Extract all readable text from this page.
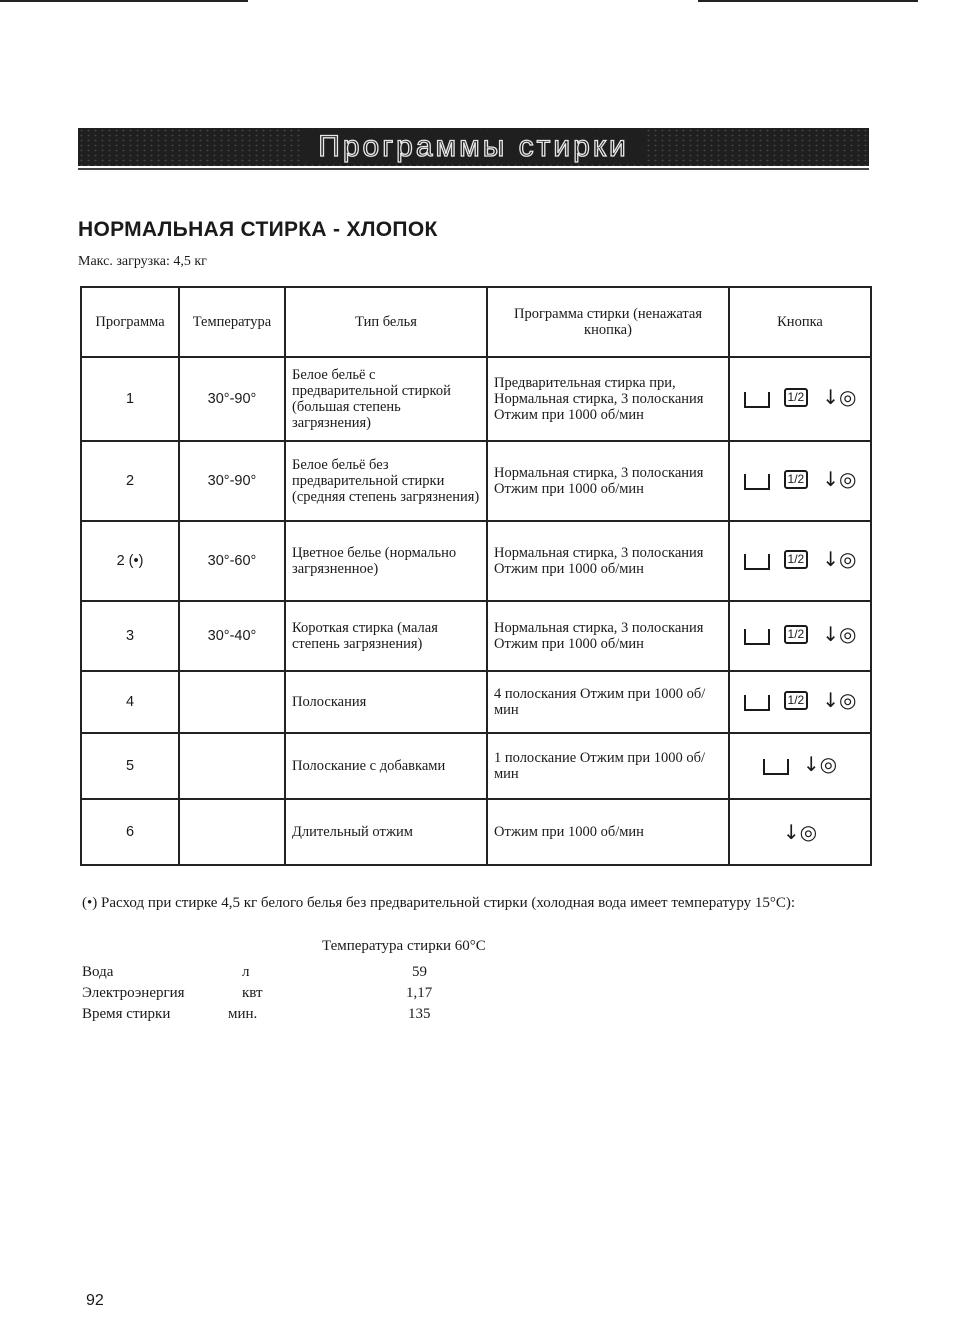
Программы стирки
НОРМАЛЬНАЯ СТИРКА - ХЛОПОК
Макс. загрузка: 4,5 кг
Программа	Температура	Тип белья	Программа стирки (ненажатая кнопка)	Кнопка
1	30°-90°	Белое бельё с предварительной стиркой (большая степень загрязнения)	Предварительная стирка при, Нормальная стирка, 3 полоскания Отжим при 1000 об/мин	1/2 ↓◎

2	30°-90°	Белое бельё без предварительной стирки (средняя степень загрязнения)	Нормальная стирка, 3 полоскания Отжим при 1000 об/мин	1/2 ↓◎

2 (•)	30°-60°	Цветное белье (нормально загрязненное)	Нормальная стирка, 3 полоскания Отжим при 1000 об/мин	1/2 ↓◎

3	30°-40°	Короткая стирка (малая степень загрязнения)	Нормальная стирка, 3 полоскания Отжим при 1000 об/мин	1/2 ↓◎

4		Полоскания	4 полоскания Отжим при 1000 об/мин	1/2 ↓◎

5		Полоскание с добавками	1 полоскание Отжим при 1000 об/мин	↓◎

6		Длительный отжим	Отжим при 1000 об/мин	↓◎
(•) Расход при стирке 4,5 кг белого белья без предварительной стирки (холодная вода имеет температуру 15°С):
Температура стирки 60°С
Вода	л	59
Электроэнергия	квт	1,17
Время стирки	мин.	135
92
